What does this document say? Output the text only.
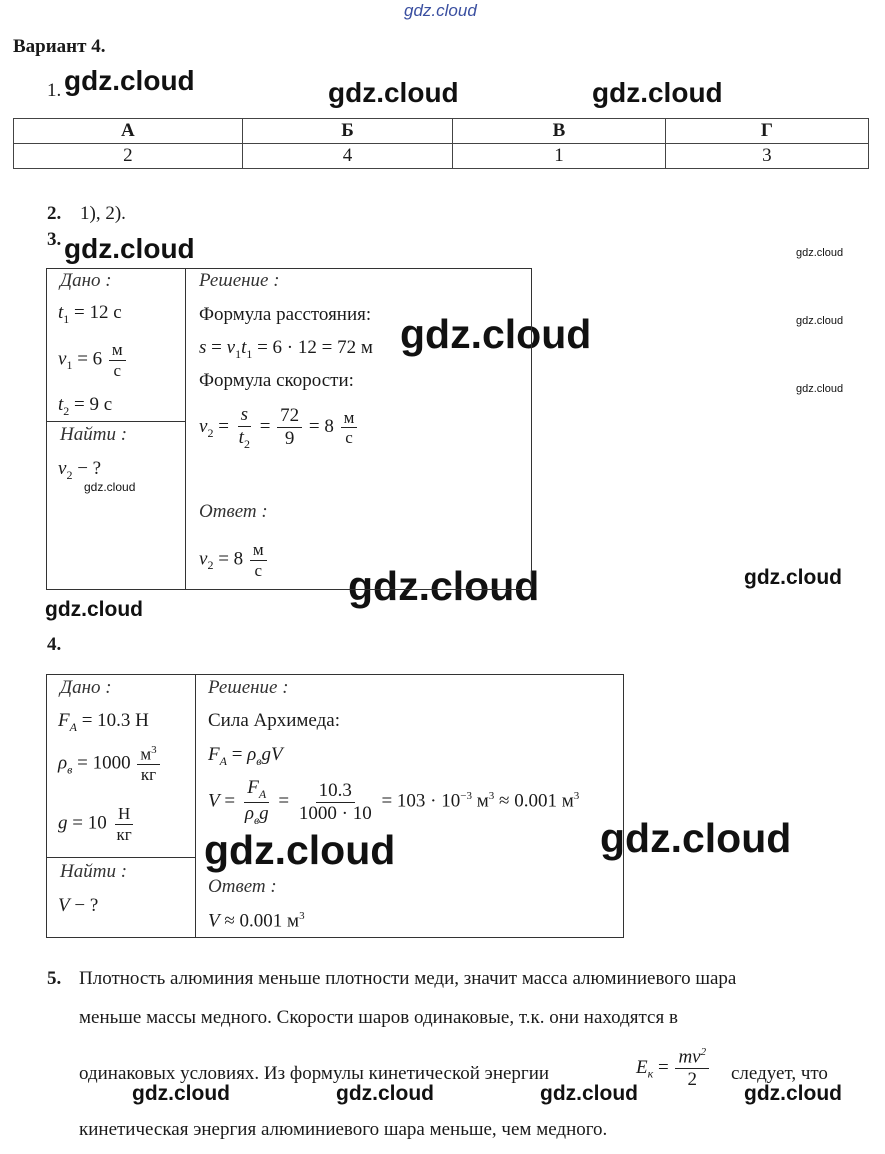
gdz.cloud
gdz.cloud	gdz.cloud	gdz.cloud
gdz.cloud	gdz.cloud
gdz.cloud
gdz.cloud
gdz.cloud
gdz.cloud
gdz.cloud	gdz.cloud
gdz.cloud
gdz.cloud	gdz.cloud
gdz.cloud	gdz.cloud	gdz.cloud	gdz.cloud
Вариант 4.
1.
А	Б	В	Г
2	4	1	3
2. 1), 2).
3.
Дано :
$t_1 = 12$ с
$v_1 = 6 \frac{м}{с}$
$t_2 = 9$ с
Найти :
$v_2$ − ?
Решение :
Формула расстояния:
$s = v_1t_1 = 6 \cdot 12 = 72$ м
Формула скорости:
$v_2 = \frac{s}{t_2} = \frac{72}{9} = 8 \frac{м}{с}$
Ответ :
$v_2 = 8 \frac{м}{с}$
4.
Дано :
$F_A = 10.3$ Н
$\rho_в = 1000 \frac{м^3}{кг}$
$g = 10 \frac{Н}{кг}$
Найти :
V − ?
Решение :
Сила Архимеда:
$F_A = \rho_вgV$
$V = \frac{F_A}{\rho_вg} = \frac{10.3}{1000 \cdot 10} = 103 \cdot 10^{-3}$ $м^3 \approx 0.001$ $м^3$
Ответ :
V ≈ 0.001 $м^3$
5. Плотность алюминия меньше плотности меди, значит масса алюминиевого шара
меньше массы медного. Скорости шаров одинаковые, т.к. они находятся в
одинаковых условиях. Из формулы кинетической энергии	$E_к = \frac{mv^2}{2}$ следует, что
кинетическая энергия алюминиевого шара меньше, чем медного.
